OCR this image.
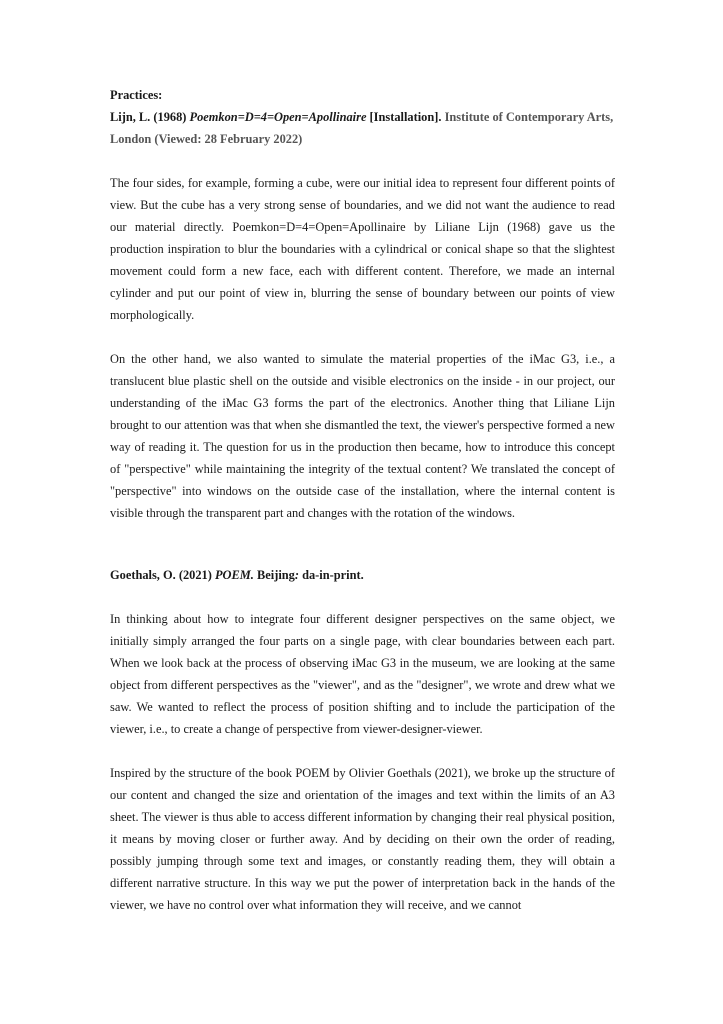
Practices:

Lijn, L. (1968) Poemkon=D=4=Open=Apollinaire [Installation]. Institute of Contemporary Arts, London (Viewed: 28 February 2022)

The four sides, for example, forming a cube, were our initial idea to represent four different points of view. But the cube has a very strong sense of boundaries, and we did not want the audience to read our material directly. Poemkon=D=4=Open=Apollinaire by Liliane Lijn (1968) gave us the production inspiration to blur the boundaries with a cylindrical or conical shape so that the slightest movement could form a new face, each with different content. Therefore, we made an internal cylinder and put our point of view in, blurring the sense of boundary between our points of view morphologically.

On the other hand, we also wanted to simulate the material properties of the iMac G3, i.e., a translucent blue plastic shell on the outside and visible electronics on the inside - in our project, our understanding of the iMac G3 forms the part of the electronics. Another thing that Liliane Lijn brought to our attention was that when she dismantled the text, the viewer's perspective formed a new way of reading it. The question for us in the production then became, how to introduce this concept of "perspective" while maintaining the integrity of the textual content? We translated the concept of "perspective" into windows on the outside case of the installation, where the internal content is visible through the transparent part and changes with the rotation of the windows.

Goethals, O. (2021) POEM. Beijing: da-in-print.

In thinking about how to integrate four different designer perspectives on the same object, we initially simply arranged the four parts on a single page, with clear boundaries between each part. When we look back at the process of observing iMac G3 in the museum, we are looking at the same object from different perspectives as the "viewer", and as the "designer", we wrote and drew what we saw. We wanted to reflect the process of position shifting and to include the participation of the viewer, i.e., to create a change of perspective from viewer-designer-viewer.

Inspired by the structure of the book POEM by Olivier Goethals (2021), we broke up the structure of our content and changed the size and orientation of the images and text within the limits of an A3 sheet. The viewer is thus able to access different information by changing their real physical position, it means by moving closer or further away. And by deciding on their own the order of reading, possibly jumping through some text and images, or constantly reading them, they will obtain a different narrative structure. In this way we put the power of interpretation back in the hands of the viewer, we have no control over what information they will receive, and we cannot
